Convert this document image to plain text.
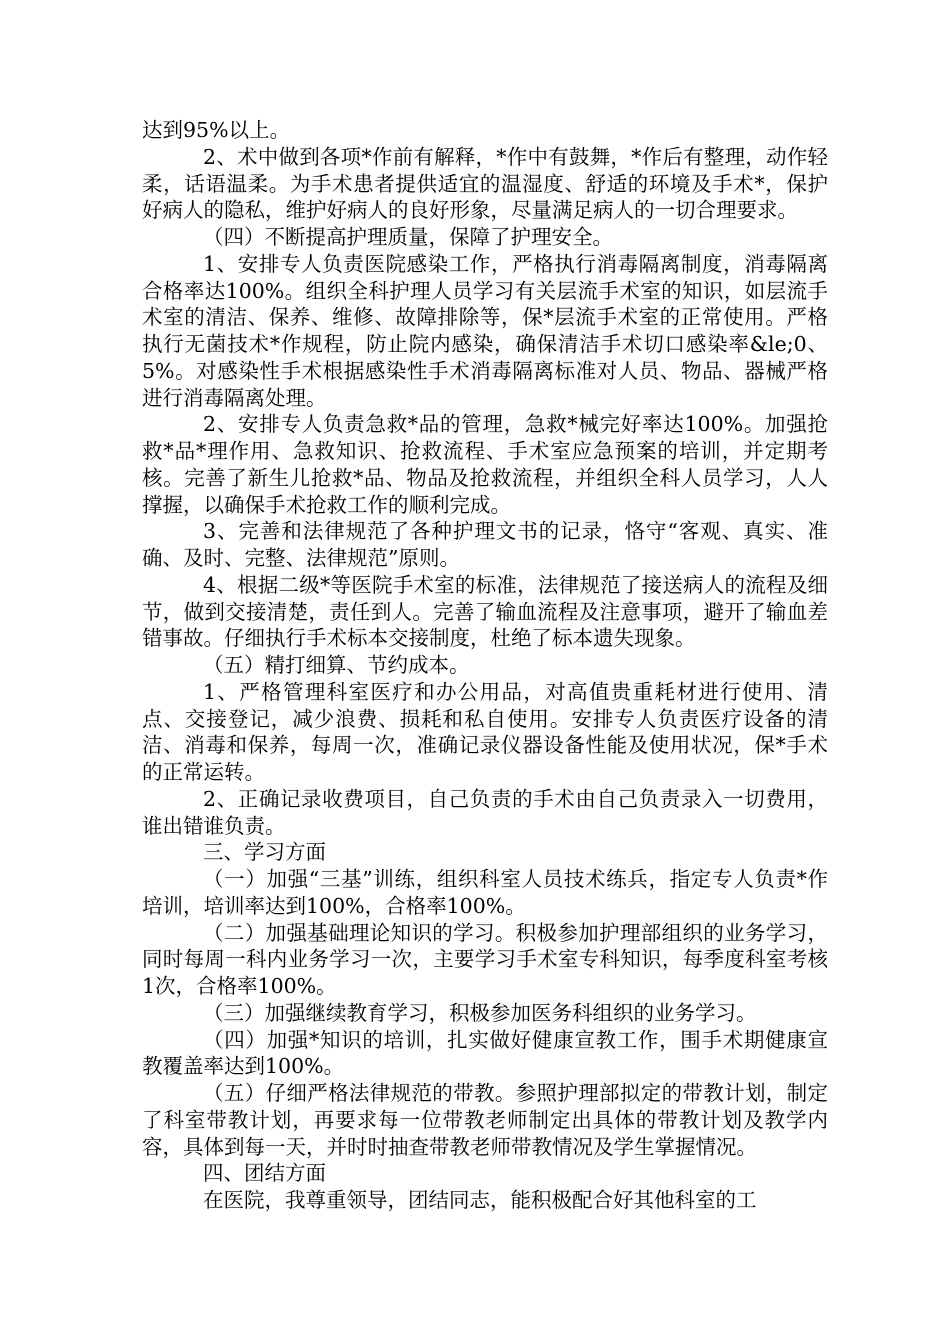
达到95%以上。

2、术中做到各项*作前有解释，*作中有鼓舞，*作后有整理，动作轻柔，话语温柔。为手术患者提供适宜的温湿度、舒适的环境及手术*，保护好病人的隐私，维护好病人的良好形象，尽量满足病人的一切合理要求。

（四）不断提高护理质量，保障了护理安全。

1、安排专人负责医院感染工作，严格执行消毒隔离制度，消毒隔离合格率达100%。组织全科护理人员学习有关层流手术室的知识，如层流手术室的清洁、保养、维修、故障排除等，保*层流手术室的正常使用。严格执行无菌技术*作规程，防止院内感染，确保清洁手术切口感染率&le;0、5%。对感染性手术根据感染性手术消毒隔离标准对人员、物品、器械严格进行消毒隔离处理。

2、安排专人负责急救*品的管理，急救*械完好率达100%。加强抢救*品*理作用、急救知识、抢救流程、手术室应急预案的培训，并定期考核。完善了新生儿抢救*品、物品及抢救流程，并组织全科人员学习，人人撑握，以确保手术抢救工作的顺利完成。

3、完善和法律规范了各种护理文书的记录，恪守“客观、真实、准确、及时、完整、法律规范”原则。

4、根据二级*等医院手术室的标准，法律规范了接送病人的流程及细节，做到交接清楚，责任到人。完善了输血流程及注意事项，避开了输血差错事故。仔细执行手术标本交接制度，杜绝了标本遗失现象。

（五）精打细算、节约成本。

1、严格管理科室医疗和办公用品，对高值贵重耗材进行使用、清点、交接登记，减少浪费、损耗和私自使用。安排专人负责医疗设备的清洁、消毒和保养，每周一次，准确记录仪器设备性能及使用状况，保*手术的正常运转。

2、正确记录收费项目，自己负责的手术由自己负责录入一切费用，谁出错谁负责。

三、学习方面

（一）加强“三基”训练，组织科室人员技术练兵，指定专人负责*作培训，培训率达到100%，合格率100%。

（二）加强基础理论知识的学习。积极参加护理部组织的业务学习，同时每周一科内业务学习一次，主要学习手术室专科知识，每季度科室考核1次，合格率100%。

（三）加强继续教育学习，积极参加医务科组织的业务学习。

（四）加强*知识的培训，扎实做好健康宣教工作，围手术期健康宣教覆盖率达到100%。

（五）仔细严格法律规范的带教。参照护理部拟定的带教计划，制定了科室带教计划，再要求每一位带教老师制定出具体的带教计划及教学内容，具体到每一天，并时时抽查带教老师带教情况及学生掌握情况。

四、团结方面

在医院，我尊重领导，团结同志，能积极配合好其他科室的工
